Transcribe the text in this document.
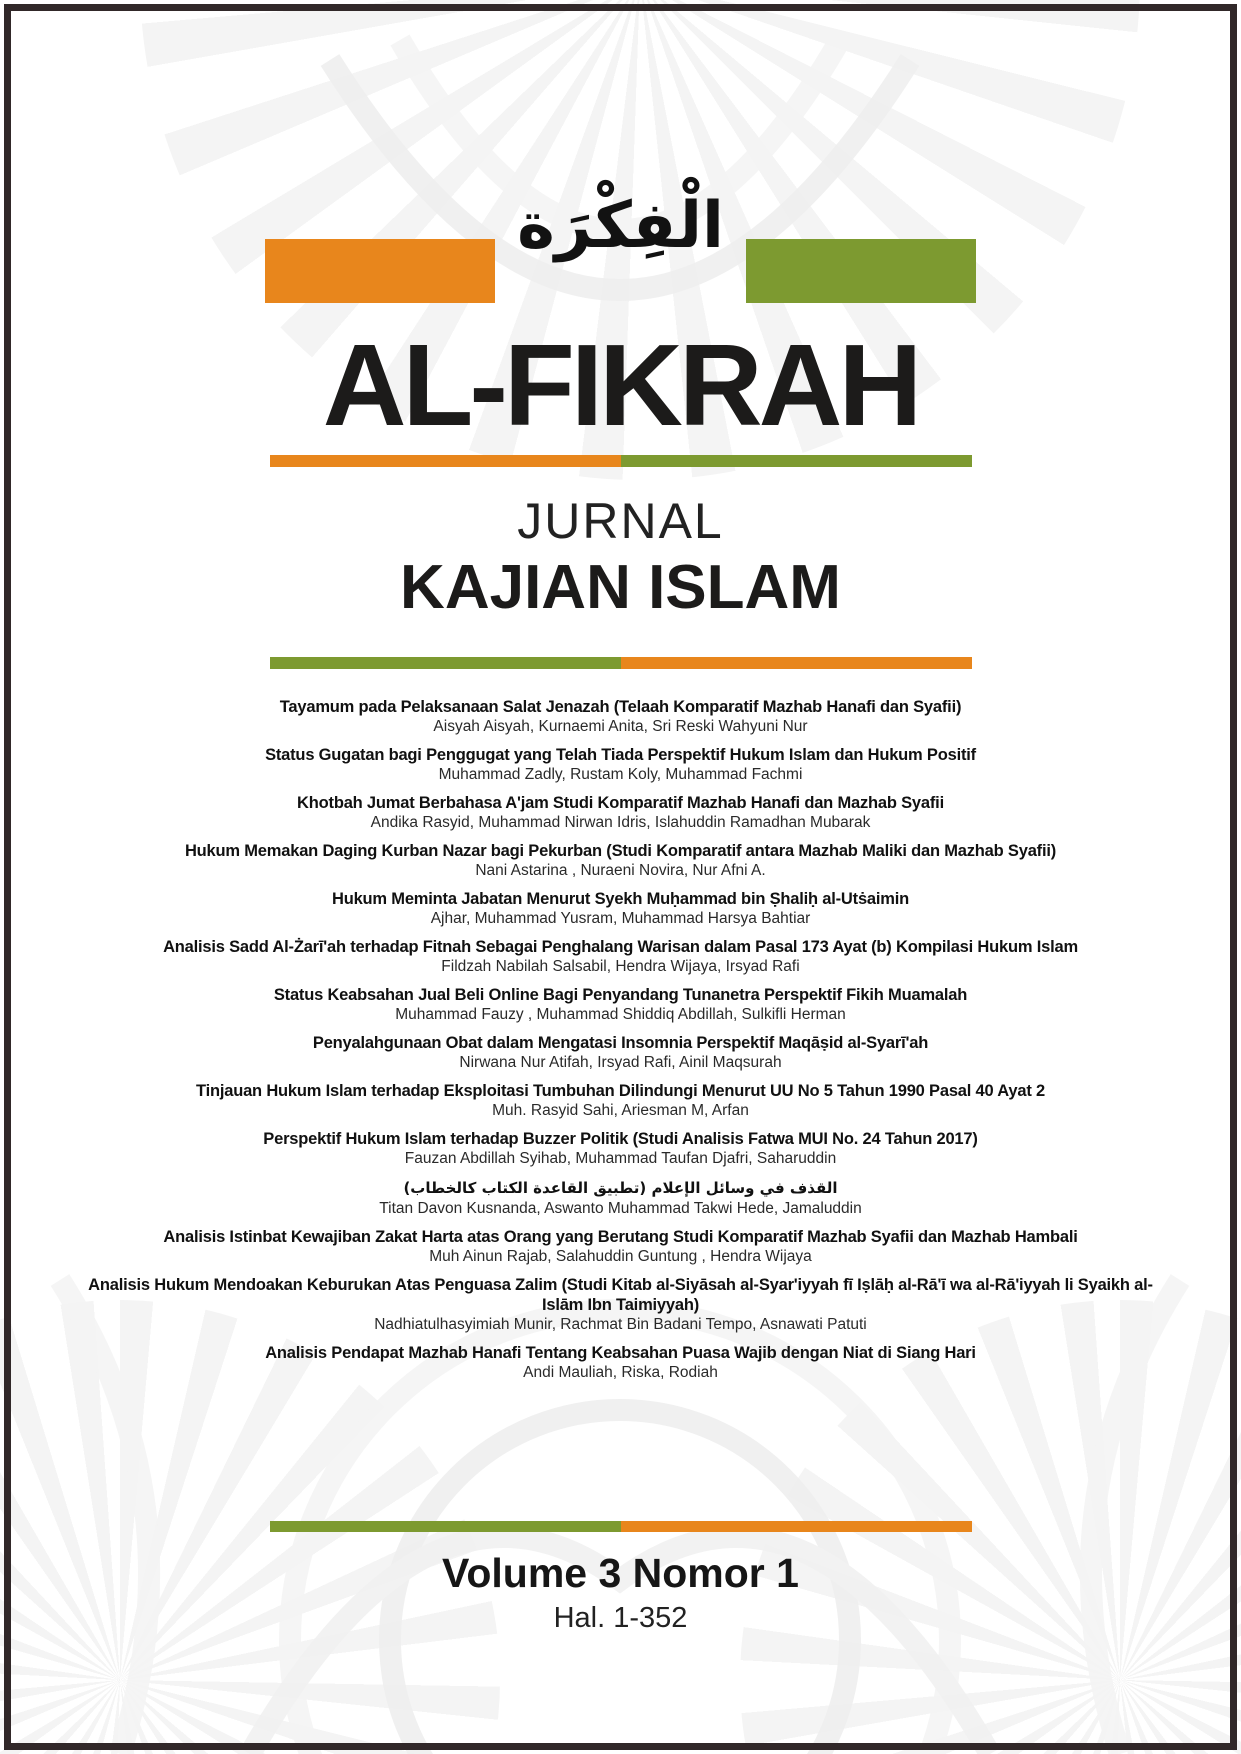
الْفِكْرَة
AL-FIKRAH
JURNAL
KAJIAN ISLAM
Tayamum pada Pelaksanaan Salat Jenazah (Telaah Komparatif Mazhab Hanafi dan Syafii)
Aisyah Aisyah, Kurnaemi Anita, Sri Reski Wahyuni Nur
Status Gugatan bagi Penggugat yang Telah Tiada Perspektif Hukum Islam dan Hukum Positif
Muhammad Zadly, Rustam Koly, Muhammad Fachmi
Khotbah Jumat Berbahasa A'jam Studi Komparatif Mazhab Hanafi dan Mazhab Syafii
Andika Rasyid, Muhammad Nirwan Idris, Islahuddin Ramadhan Mubarak
Hukum Memakan Daging Kurban Nazar bagi Pekurban (Studi Komparatif antara Mazhab Maliki dan Mazhab Syafii)
Nani Astarina , Nuraeni Novira, Nur Afni A.
Hukum Meminta Jabatan Menurut Syekh Muḥammad bin Ṣhaliḥ al-Utṡaimin
Ajhar, Muhammad Yusram, Muhammad Harsya Bahtiar
Analisis Sadd Al-Żarī'ah terhadap Fitnah Sebagai Penghalang Warisan dalam Pasal 173 Ayat (b) Kompilasi Hukum Islam
Fildzah Nabilah Salsabil, Hendra Wijaya, Irsyad Rafi
Status Keabsahan Jual Beli Online Bagi Penyandang Tunanetra Perspektif Fikih Muamalah
Muhammad Fauzy , Muhammad Shiddiq Abdillah, Sulkifli Herman
Penyalahgunaan Obat dalam Mengatasi Insomnia Perspektif Maqāṣid al-Syarī'ah
Nirwana Nur Atifah, Irsyad Rafi, Ainil Maqsurah
Tinjauan Hukum Islam terhadap Eksploitasi Tumbuhan Dilindungi Menurut UU No 5 Tahun 1990 Pasal 40 Ayat 2
Muh. Rasyid Sahi, Ariesman M, Arfan
Perspektif Hukum Islam terhadap Buzzer Politik (Studi Analisis Fatwa MUI No. 24 Tahun 2017)
Fauzan Abdillah Syihab, Muhammad Taufan Djafri, Saharuddin
القذف في وسائل الإعلام (تطبيق القاعدة الكتاب كالخطاب)
Titan Davon Kusnanda, Aswanto Muhammad Takwi Hede, Jamaluddin
Analisis Istinbat Kewajiban Zakat Harta atas Orang yang Berutang Studi Komparatif Mazhab Syafii dan Mazhab Hambali
Muh Ainun Rajab, Salahuddin Guntung , Hendra Wijaya
Analisis Hukum Mendoakan Keburukan Atas Penguasa Zalim (Studi Kitab al-Siyāsah al-Syar'iyyah fī Iṣlāḥ al-Rā'ī wa al-Rā'iyyah li Syaikh al-Islām Ibn Taimiyyah)
Nadhiatulhasyimiah Munir, Rachmat Bin Badani Tempo, Asnawati Patuti
Analisis Pendapat Mazhab Hanafi Tentang Keabsahan Puasa Wajib dengan Niat di Siang Hari
Andi Mauliah, Riska, Rodiah
Volume 3 Nomor 1
Hal. 1-352
